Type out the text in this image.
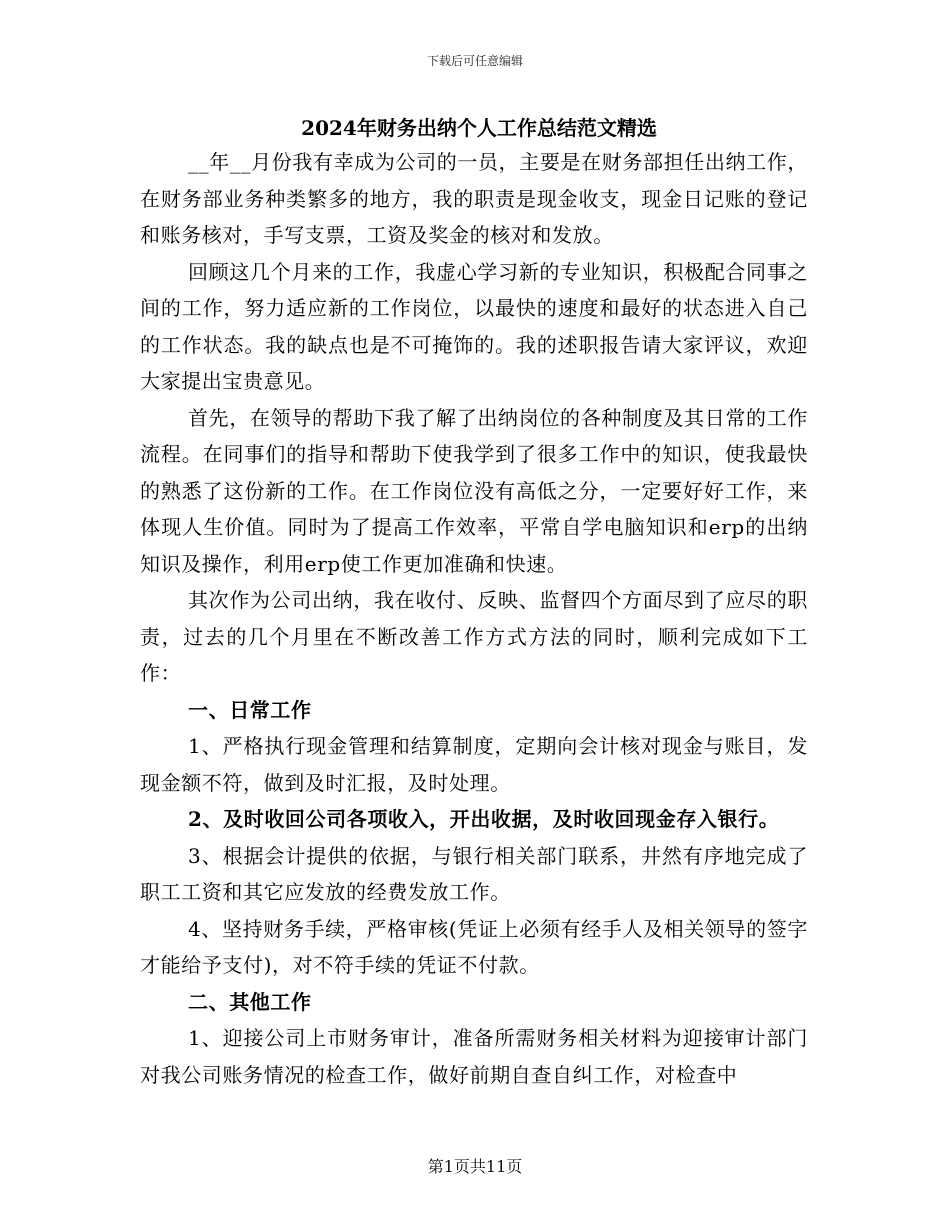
下载后可任意编辑
2024年财务出纳个人工作总结范文精选

__年__月份我有幸成为公司的一员，主要是在财务部担任出纳工作，在财务部业务种类繁多的地方，我的职责是现金收支，现金日记账的登记和账务核对，手写支票，工资及奖金的核对和发放。

回顾这几个月来的工作，我虚心学习新的专业知识，积极配合同事之间的工作，努力适应新的工作岗位，以最快的速度和最好的状态进入自己的工作状态。我的缺点也是不可掩饰的。我的述职报告请大家评议，欢迎大家提出宝贵意见。

首先，在领导的帮助下我了解了出纳岗位的各种制度及其日常的工作流程。在同事们的指导和帮助下使我学到了很多工作中的知识，使我最快的熟悉了这份新的工作。在工作岗位没有高低之分，一定要好好工作，来体现人生价值。同时为了提高工作效率，平常自学电脑知识和erp的出纳知识及操作，利用erp使工作更加准确和快速。

其次作为公司出纳，我在收付、反映、监督四个方面尽到了应尽的职责，过去的几个月里在不断改善工作方式方法的同时，顺利完成如下工作：

一、日常工作

1、严格执行现金管理和结算制度，定期向会计核对现金与账目，发现金额不符，做到及时汇报，及时处理。

2、及时收回公司各项收入，开出收据，及时收回现金存入银行。

3、根据会计提供的依据，与银行相关部门联系，井然有序地完成了职工工资和其它应发放的经费发放工作。

4、坚持财务手续，严格审核(凭证上必须有经手人及相关领导的签字才能给予支付)，对不符手续的凭证不付款。

二、其他工作

1、迎接公司上市财务审计，准备所需财务相关材料为迎接审计部门对我公司账务情况的检查工作，做好前期自查自纠工作，对检查中

第1页共11页
